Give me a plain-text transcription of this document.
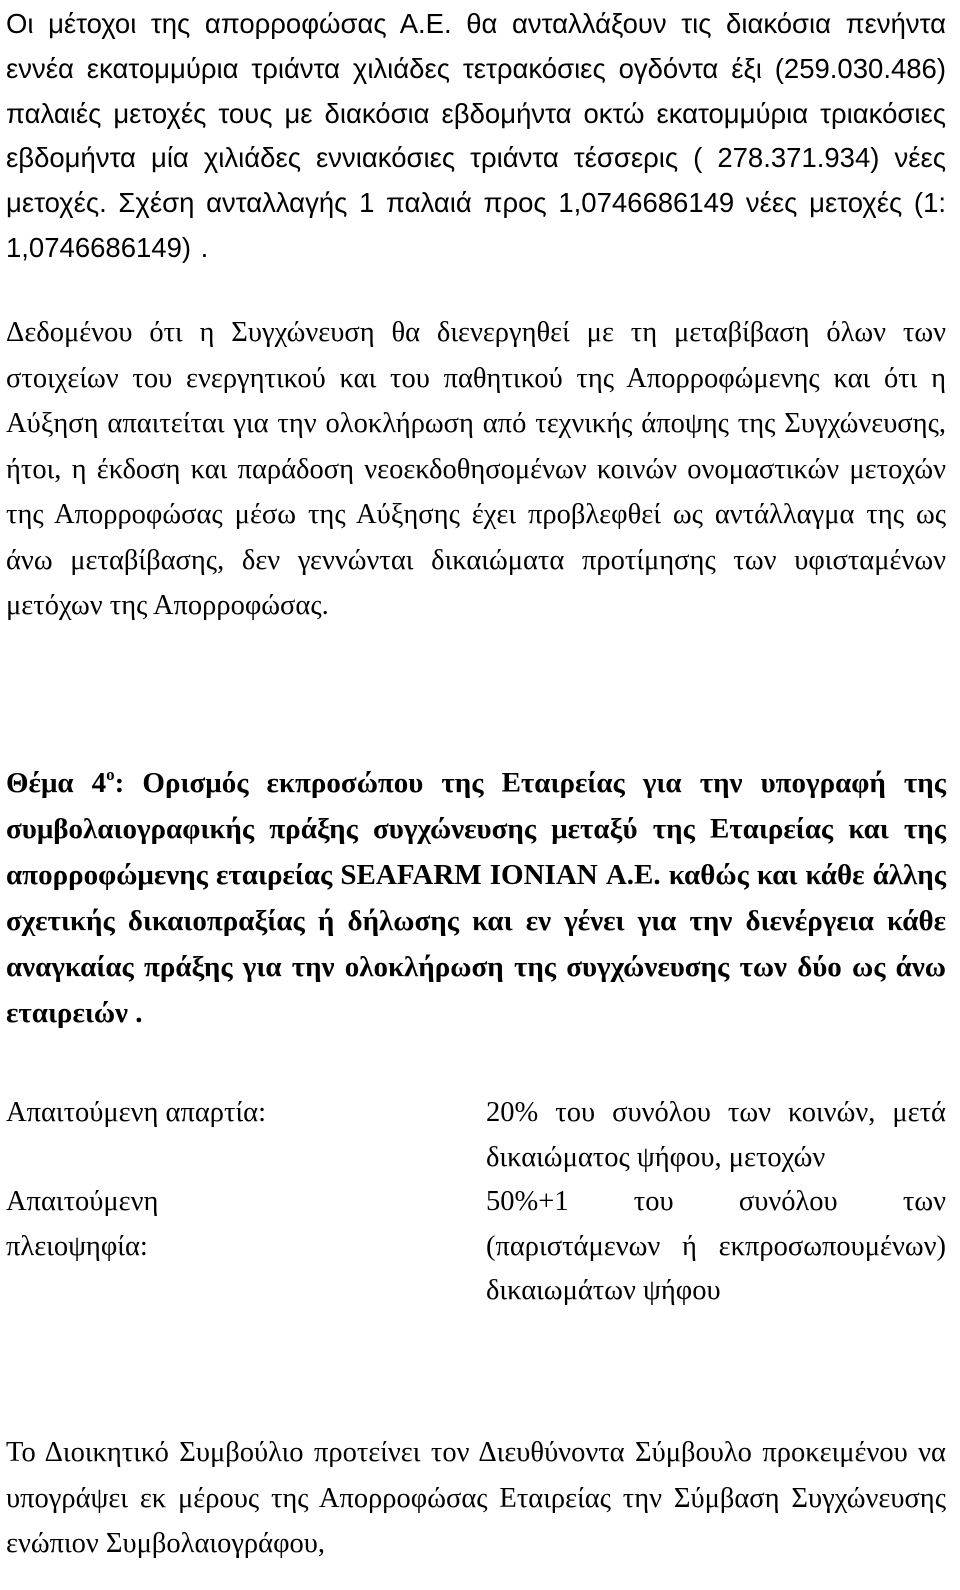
Οι μέτοχοι της απορροφώσας Α.Ε. θα ανταλλάξουν τις διακόσια πενήντα εννέα εκατομμύρια τριάντα χιλιάδες τετρακόσιες ογδόντα έξι (259.030.486) παλαιές μετοχές τους με διακόσια εβδομήντα οκτώ εκατομμύρια τριακόσιες εβδομήντα μία χιλιάδες εννιακόσιες τριάντα τέσσερις ( 278.371.934) νέες μετοχές. Σχέση ανταλλαγής 1 παλαιά προς 1,0746686149 νέες μετοχές (1: 1,0746686149) .

Δεδομένου ότι η Συγχώνευση θα διενεργηθεί με τη μεταβίβαση όλων των στοιχείων του ενεργητικού και του παθητικού της Απορροφώμενης και ότι η Αύξηση απαιτείται για την ολοκλήρωση από τεχνικής άποψης της Συγχώνευσης, ήτοι, η έκδοση και παράδοση νεοεκδοθησομένων κοινών ονομαστικών μετοχών της Απορροφώσας μέσω της Αύξησης έχει προβλεφθεί ως αντάλλαγμα της ως άνω μεταβίβασης, δεν γεννώνται δικαιώματα προτίμησης των υφισταμένων μετόχων της Απορροφώσας.

Θέμα $4^o$: Ορισμός εκπροσώπου της Εταιρείας για την υπογραφή της συμβολαιογραφικής πράξης συγχώνευσης μεταξύ της Εταιρείας και της απορροφώμενης εταιρείας SEAFARM IONIAN Α.Ε. καθώς και κάθε άλλης σχετικής δικαιοπραξίας ή δήλωσης και εν γένει για την διενέργεια κάθε αναγκαίας πράξης για την ολοκλήρωση της συγχώνευσης των δύο ως άνω εταιρειών .

Απαιτούμενη απαρτία:	20% του συνόλου των κοινών, μετά δικαιώματος ψήφου, μετοχών
Απαιτούμενη πλειοψηφία:
50%+1 του συνόλου των (παριστάμενων ή εκπροσωπουμένων) δικαιωμάτων ψήφου

Το Διοικητικό Συμβούλιο προτείνει τον Διευθύνοντα Σύμβουλο προκειμένου να υπογράψει εκ μέρους της Απορροφώσας Εταιρείας την Σύμβαση Συγχώνευσης ενώπιον Συμβολαιογράφου,
